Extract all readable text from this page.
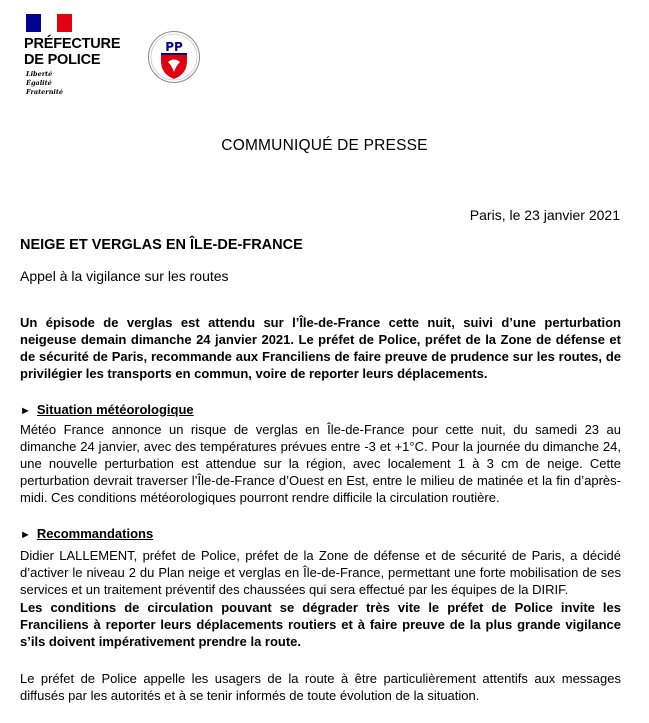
PRÉFECTURE
DE POLICE
Liberté
Égalité
Fraternité
PP
COMMUNIQUÉ DE PRESSE
Paris, le 23 janvier 2021
NEIGE ET VERGLAS EN ÎLE-DE-FRANCE
Appel à la vigilance sur les routes
Un épisode de verglas est attendu sur l’Île-de-France cette nuit, suivi d’une perturbation neigeuse demain dimanche 24 janvier 2021. Le préfet de Police, préfet de la Zone de défense et de sécurité de Paris, recommande aux Franciliens de faire preuve de prudence sur les routes, de privilégier les transports en commun, voire de reporter leurs déplacements.
► Situation météorologique
Météo France annonce un risque de verglas en Île-de-France pour cette nuit, du samedi 23 au dimanche 24 janvier, avec des températures prévues entre -3 et +1°C. Pour la journée du dimanche 24, une nouvelle perturbation est attendue sur la région, avec localement 1 à 3 cm de neige. Cette perturbation devrait traverser l’Île-de-France d’Ouest en Est, entre le milieu de matinée et la fin d’après-midi. Ces conditions météorologiques pourront rendre difficile la circulation routière.
► Recommandations
Didier LALLEMENT, préfet de Police, préfet de la Zone de défense et de sécurité de Paris, a décidé d’activer le niveau 2 du Plan neige et verglas en Île-de-France, permettant une forte mobilisation de ses services et un traitement préventif des chaussées qui sera effectué par les équipes de la DIRIF.
Les conditions de circulation pouvant se dégrader très vite le préfet de Police invite les Franciliens à reporter leurs déplacements routiers et à faire preuve de la plus grande vigilance s’ils doivent impérativement prendre la route.
Le préfet de Police appelle les usagers de la route à être particulièrement attentifs aux messages diffusés par les autorités et à se tenir informés de toute évolution de la situation.
